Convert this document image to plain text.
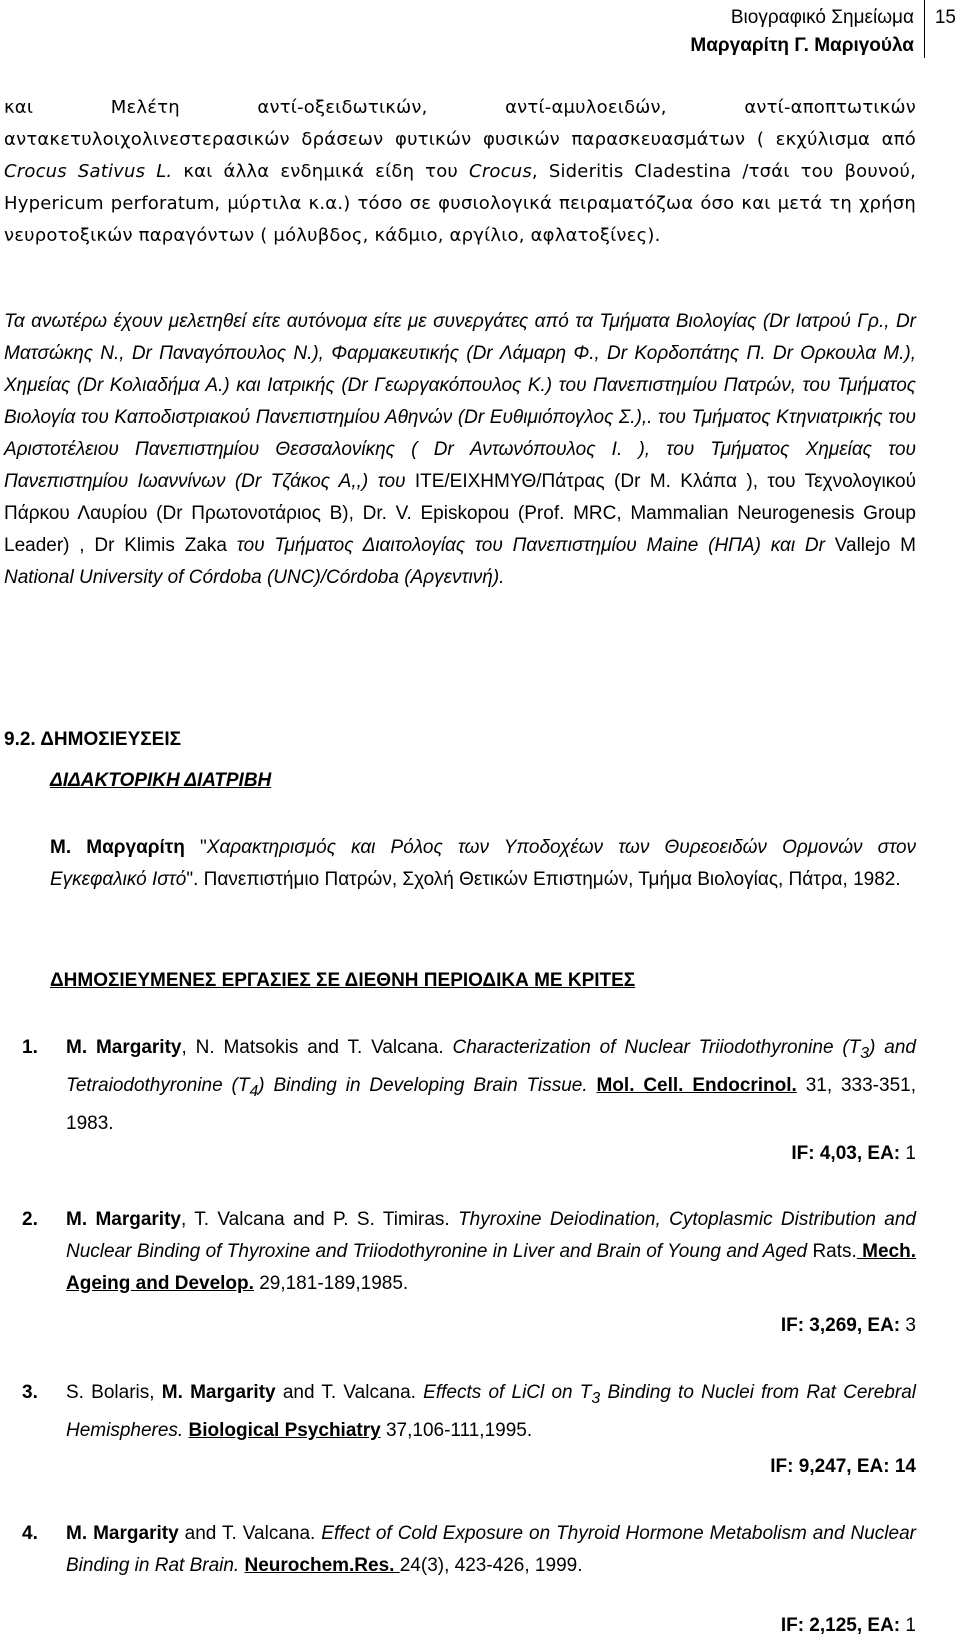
Βιογραφικό Σημείωμα
Μαργαρίτη Γ. Μαριγούλα
15
και Μελέτη αντί-οξειδωτικών, αντί-αμυλοειδών, αντί-αποπτωτικών αντακετυλοιχολινεστερασικών δράσεων φυτικών φυσικών παρασκευασμάτων ( εκχύλισμα από Crocus Sativus L. και άλλα ενδημικά είδη του Crocus, Sideritis Cladestina /τσάι του βουνού, Hypericum perforatum, μύρτιλα κ.α.) τόσο σε φυσιολογικά πειραματόζωα όσο και μετά τη χρήση νευροτοξικών παραγόντων ( μόλυβδος, κάδμιο, αργίλιο, αφλατοξίνες).
Τα ανωτέρω έχουν μελετηθεί είτε αυτόνομα είτε με συνεργάτες από τα Τμήματα Βιολογίας (Dr Ιατρού Γρ., Dr Ματσώκης Ν., Dr Παναγόπουλος Ν.), Φαρμακευτικής (Dr Λάμαρη Φ., Dr Κορδοπάτης Π. Dr Ορκουλα Μ.), Χημείας (Dr Κολιαδήμα Α.) και Ιατρικής (Dr Γεωργακόπουλος Κ.) του Πανεπιστημίου Πατρών, του Τμήματος Βιολογία του Καποδιστριακού Πανεπιστημίου Αθηνών (Dr Ευθιμιόπογλος Σ.),. του Τμήματος Κτηνιατρικής του Αριστοτέλειου Πανεπιστημίου Θεσσαλονίκης ( Dr Αντωνόπουλος Ι. ), του Τμήματος Χημείας του Πανεπιστημίου Ιωαννίνων (Dr Τζάκος Α,,) του ΙΤΕ/ΕΙΧΗΜΥΘ/Πάτρας (Dr Μ. Κλάπα ), του Τεχνολογικού Πάρκου Λαυρίου (Dr Πρωτονοτάριος Β), Dr. V. Episkopou (Prof. MRC, Mammalian Neurogenesis Group Leader) , Dr Klimis Zaka του Τμήματος Διαιτολογίας του Πανεπιστημίου Maine (ΗΠΑ) και Dr Vallejo M National University of Córdoba (UNC)/Córdoba (Αργεντινή).
9.2. ΔΗΜΟΣΙΕΥΣΕΙΣ
ΔΙΔΑΚΤΟΡΙΚΗ ΔΙΑΤΡΙΒΗ
Μ. Μαργαρίτη "Χαρακτηρισμός και Ρόλος των Υποδοχέων των Θυρεοειδών Ορμονών στον Εγκεφαλικό Ιστό". Πανεπιστήμιο Πατρών, Σχολή Θετικών Επιστημών, Τμήμα Βιολογίας, Πάτρα, 1982.
ΔΗΜΟΣΙΕΥΜΕΝΕΣ ΕΡΓΑΣΙΕΣ ΣΕ ΔΙΕΘΝΗ ΠΕΡΙΟΔΙΚΑ ΜΕ ΚΡΙΤΕΣ
1. M. Margarity, N. Matsokis and T. Valcana. Characterization of Nuclear Triiodothyronine $(T_3)$ and Tetraiodothyronine $(T_4)$ Binding in Developing Brain Tissue. Mol. Cell. Endocrinol. 31, 333-351, 1983.
IF: 4,03, EA: 1
2. M. Margarity, T. Valcana and P. S. Timiras. Thyroxine Deiodination, Cytoplasmic Distribution and Nuclear Binding of Thyroxine and Triiodothyronine in Liver and Brain of Young and Aged Rats. Mech. Ageing and Develop. 29,181-189,1985.
IF: 3,269, EA: 3
3. S. Bolaris, M. Margarity and T. Valcana. Effects of LiCl on $T_3$ Binding to Nuclei from Rat Cerebral Hemispheres. Biological Psychiatry 37,106-111,1995.
IF: 9,247, EA: 14
4. M. Margarity and T. Valcana. Effect of Cold Exposure on Thyroid Hormone Metabolism and Nuclear Binding in Rat Brain. Neurochem.Res. 24(3), 423-426, 1999.
IF: 2,125, EA: 1
